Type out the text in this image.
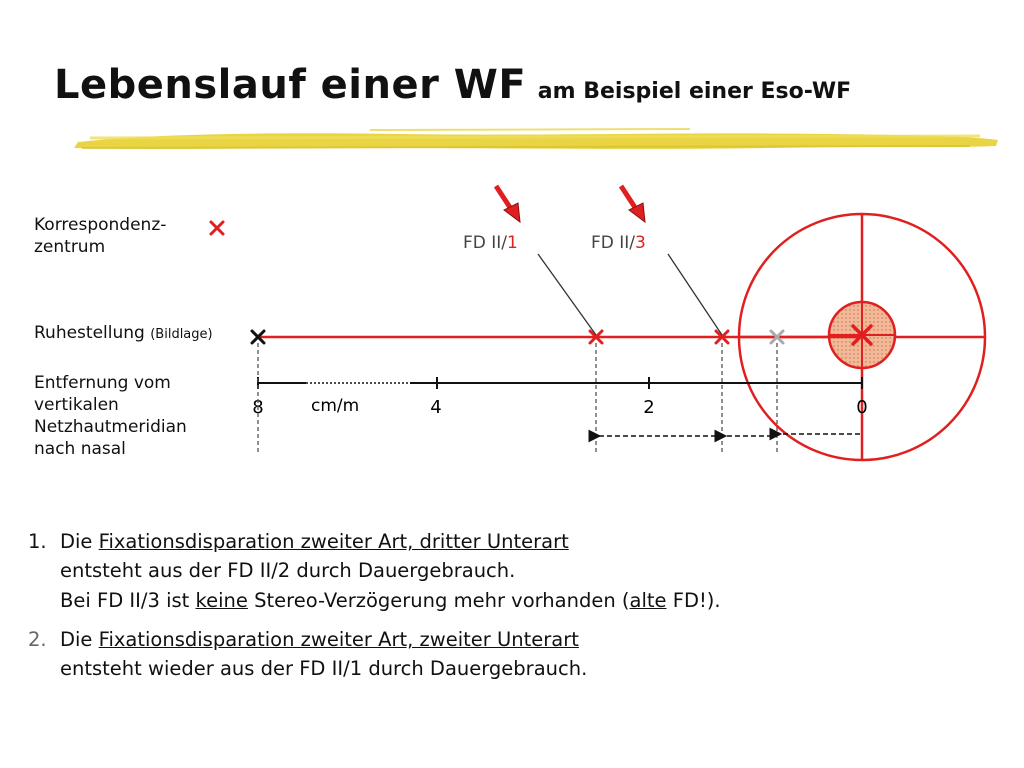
Lebenslauf einer WF am Beispiel einer Eso-WF
Korrespondenz-
zentrum
Ruhestellung (Bildlage)
Entfernung vom
vertikalen
Netzhautmeridian
nach nasal
FD II/1	FD II/3
8	4	2	0
cm/m
1. Die Fixationsdisparation zweiter Art, dritter Unterart
entsteht aus der FD II/2 durch Dauergebrauch.
Bei FD II/3 ist keine Stereo-Verzögerung mehr vorhanden (alte FD!).
2. Die Fixationsdisparation zweiter Art, zweiter Unterart
entsteht wieder aus der FD II/1 durch Dauergebrauch.
